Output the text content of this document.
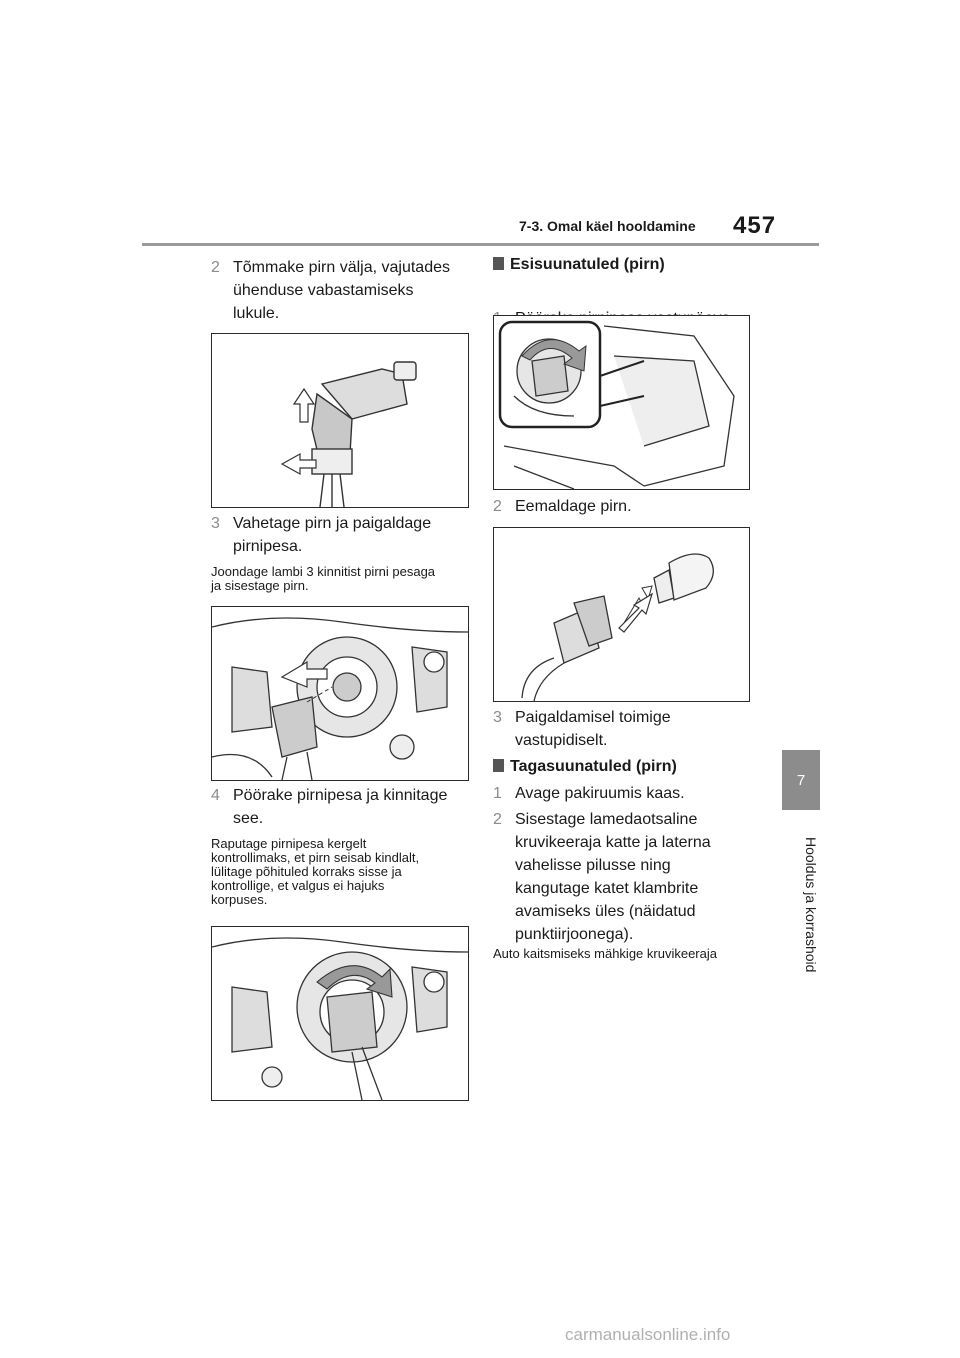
7-3. Omal käel hooldamine 457
7
Hooldus ja korrashoid
2 Tõmmake pirn välja, vajutades
ühenduse vabastamiseks
lukule.
3 Vahetage pirn ja paigaldage
pirnipesa.
Joondage lambi 3 kinnitist pirni pesaga
ja sisestage pirn.
4 Pöörake pirnipesa ja kinnitage
see.
Raputage pirnipesa kergelt
kontrollimaks, et pirn seisab kindlalt,
lülitage põhituled korraks sisse ja
kontrollige, et valgus ei hajuks
korpuses.
Esisuunatuled (pirn)
2 Eemaldage pirn.
3 Paigaldamisel toimige
vastupidiselt.
Tagasuunatuled (pirn)
1 Avage pakiruumis kaas.
2 Sisestage lamedaotsaline
kruvikeeraja katte ja laterna
vahelisse pilusse ning
kangutage katet klambrite
avamiseks üles (näidatud
punktiirjoonega).
Auto kaitsmiseks mähkige kruvikeeraja
carmanualsonline.info
